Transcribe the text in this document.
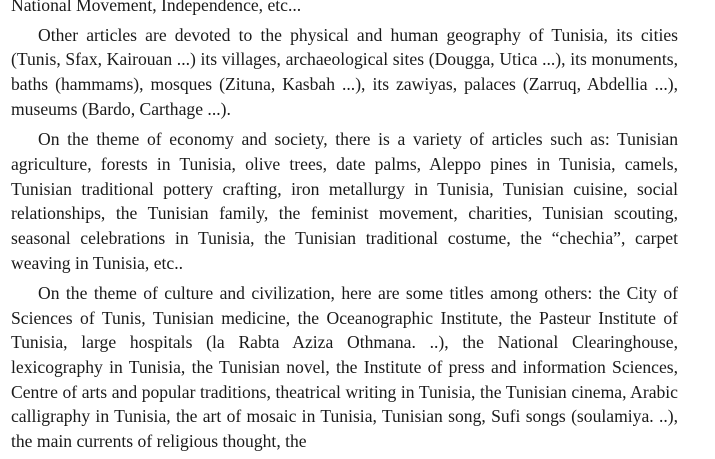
National Movement, Independence, etc...

Other articles are devoted to the physical and human geography of Tunisia, its cities (Tunis, Sfax, Kairouan ...) its villages, archaeological sites (Dougga, Utica ...), its monuments, baths (hammams), mosques (Zituna, Kasbah ...), its zawiyas, palaces (Zarruq, Abdellia ...), museums (Bardo, Carthage ...).

On the theme of economy and society, there is a variety of articles such as: Tunisian agriculture, forests in Tunisia, olive trees, date palms, Aleppo pines in Tunisia, camels, Tunisian traditional pottery crafting, iron metallurgy in Tunisia, Tunisian cuisine, social relationships, the Tunisian family, the feminist movement, charities, Tunisian scouting, seasonal celebrations in Tunisia, the Tunisian traditional costume, the “chechia”, carpet weaving in Tunisia, etc..

On the theme of culture and civilization, here are some titles among others: the City of Sciences of Tunis, Tunisian medicine, the Oceanographic Institute, the Pasteur Institute of Tunisia, large hospitals (la Rabta Aziza Othmana. ..), the National Clearinghouse, lexicography in Tunisia, the Tunisian novel, the Institute of press and information Sciences, Centre of arts and popular traditions, theatrical writing in Tunisia, the Tunisian cinema, Arabic calligraphy in Tunisia, the art of mosaic in Tunisia, Tunisian song, Sufi songs (soulamiya. ..), the main currents of religious thought, the
